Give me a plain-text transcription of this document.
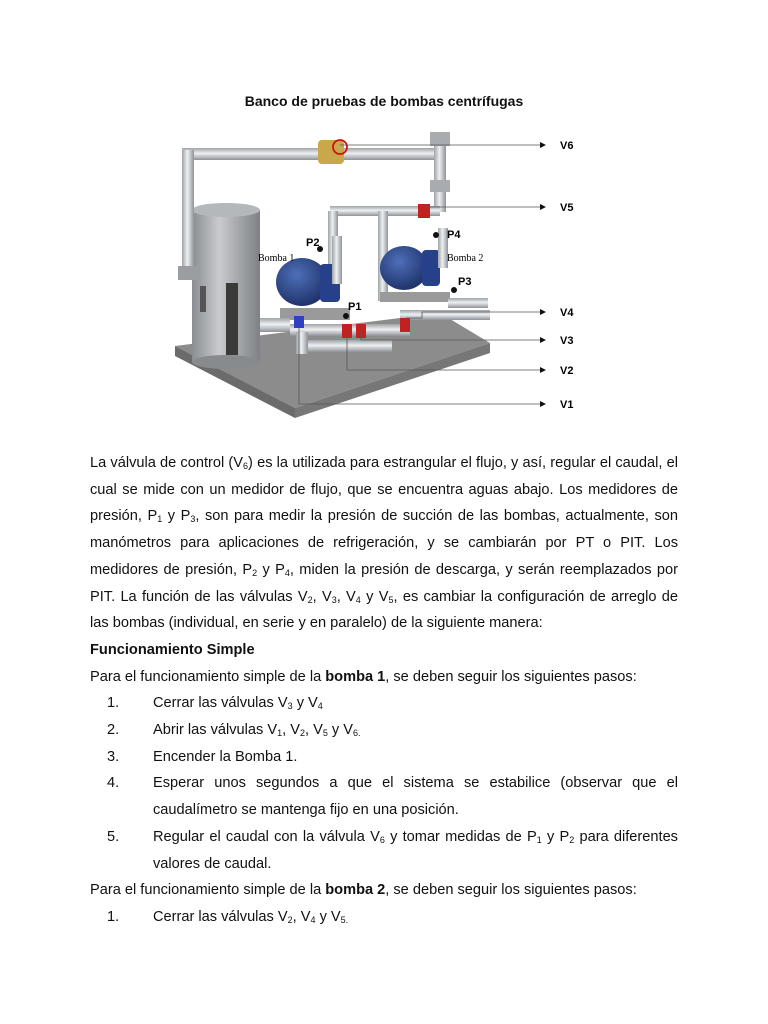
Banco de pruebas de bombas centrífugas
V6
V5
V4
V3
V2
V1
P2
P4
P3
P1
Bomba 1	Bomba 2

La válvula de control $(V_6)$ es la utilizada para estrangular el flujo, y así, regular el caudal, el cual se mide con un medidor de flujo, que se encuentra aguas abajo. Los medidores de presión, $P_1$ y $P_3$, son para medir la presión de succión de las bombas, actualmente, son manómetros para aplicaciones de refrigeración, y se cambiarán por PT o PIT. Los medidores de presión, $P_2$ y $P_4$, miden la presión de descarga, y serán reemplazados por PIT. La función de las válvulas $V_2$, $V_3$, $V_4$ y $V_5$, es cambiar la configuración de arreglo de las bombas (individual, en serie y en paralelo) de la siguiente manera:

Funcionamiento Simple

Para el funcionamiento simple de la bomba 1, se deben seguir los siguientes pasos:

1.	Cerrar las válvulas $V_3$ y $V_4$
2.	Abrir las válvulas $V_1$, $V_2$, $V_5$ y $V_{6.}$
3.	Encender la Bomba 1.
4.	Esperar unos segundos a que el sistema se estabilice (observar que el caudalímetro se mantenga fijo en una posición.
5.	Regular el caudal con la válvula $V_6$ y tomar medidas de $P_1$ y $P_2$ para diferentes valores de caudal.

Para el funcionamiento simple de la bomba 2, se deben seguir los siguientes pasos:

1.	Cerrar las válvulas $V_2$, $V_4$ y $V_{5.}$
